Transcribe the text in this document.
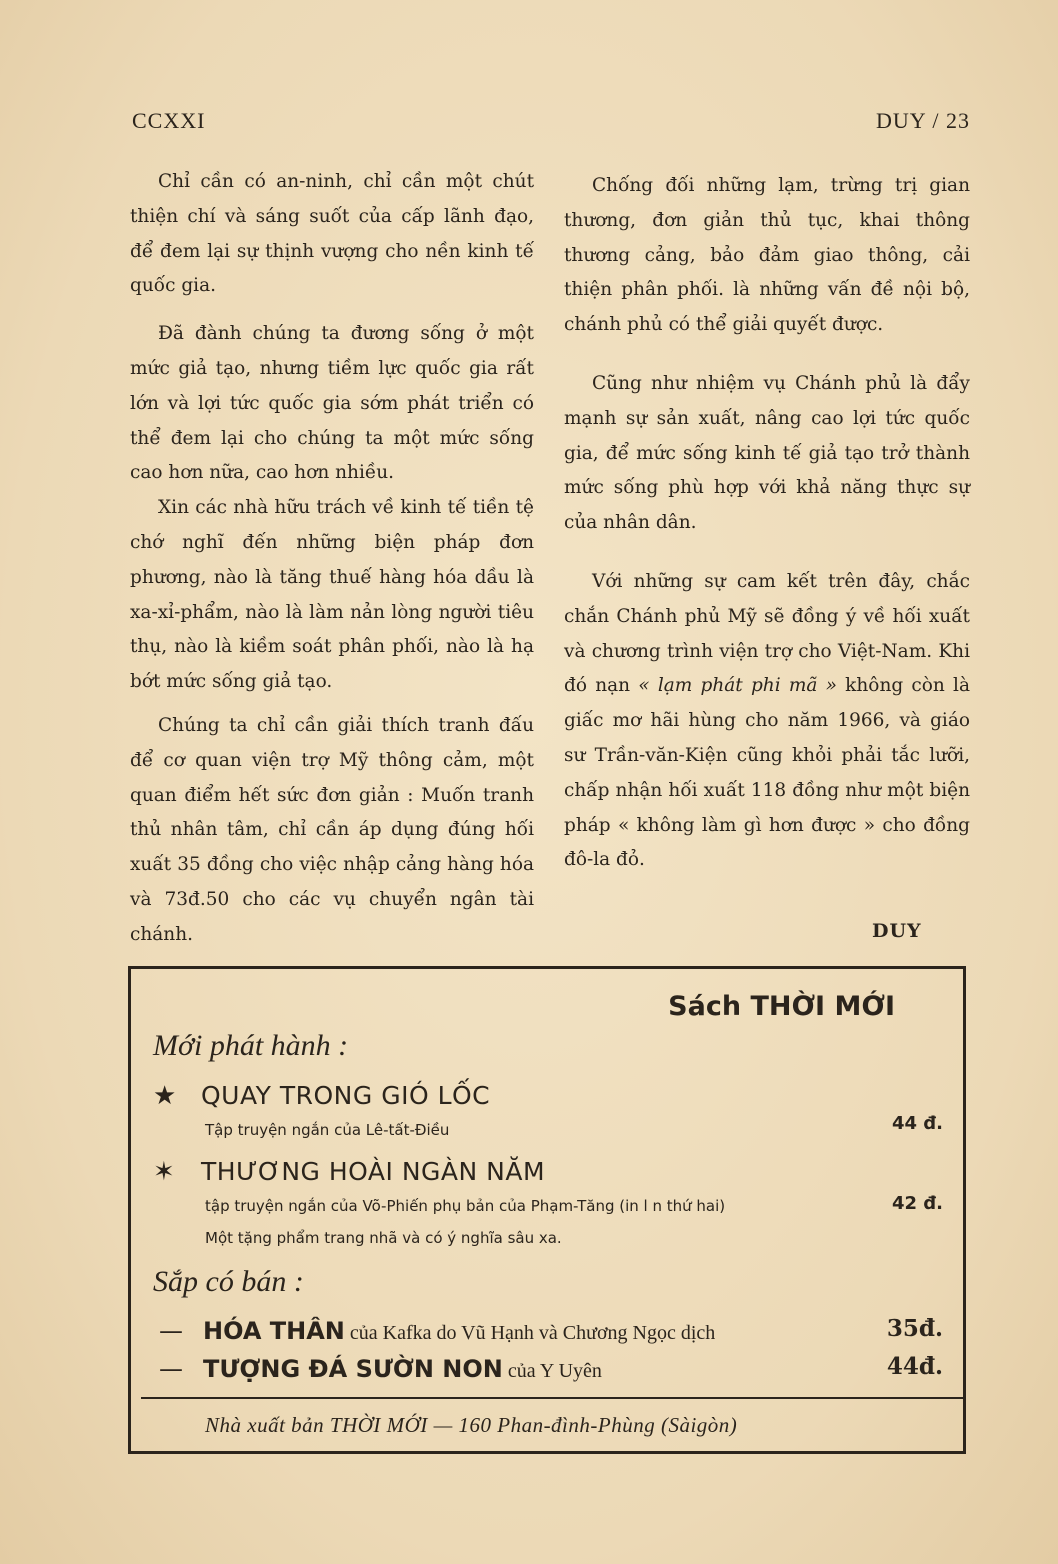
CCXXI	DUY / 23

Chỉ cần có an-ninh, chỉ cần một chút thiện chí và sáng suốt của cấp lãnh đạo, để đem lại sự thịnh vượng cho nền kinh tế quốc gia.

Đã đành chúng ta đương sống ở một mức giả tạo, nhưng tiềm lực quốc gia rất lớn và lợi tức quốc gia sớm phát triển có thể đem lại cho chúng ta một mức sống cao hơn nữa, cao hơn nhiều.

Xin các nhà hữu trách về kinh tế tiền tệ chớ nghĩ đến những biện pháp đơn phương, nào là tăng thuế hàng hóa dầu là xa-xỉ-phẩm, nào là làm nản lòng người tiêu thụ, nào là kiềm soát phân phối, nào là hạ bớt mức sống giả tạo.

Chúng ta chỉ cần giải thích tranh đấu để cơ quan viện trợ Mỹ thông cảm, một quan điểm hết sức đơn giản : Muốn tranh thủ nhân tâm, chỉ cần áp dụng đúng hối xuất 35 đồng cho việc nhập cảng hàng hóa và 73đ.50 cho các vụ chuyển ngân tài chánh.

Chống đối những lạm, trừng trị gian thương, đơn giản thủ tục, khai thông thương cảng, bảo đảm giao thông, cải thiện phân phối. là những vấn đề nội bộ, chánh phủ có thể giải quyết được.

Cũng như nhiệm vụ Chánh phủ là đẩy mạnh sự sản xuất, nâng cao lợi tức quốc gia, để mức sống kinh tế giả tạo trở thành mức sống phù hợp với khả năng thực sự của nhân dân.

Với những sự cam kết trên đây, chắc chắn Chánh phủ Mỹ sẽ đồng ý về hối xuất và chương trình viện trợ cho Việt-Nam. Khi đó nạn « lạm phát phi mã » không còn là giấc mơ hãi hùng cho năm 1966, và giáo sư Trần-văn-Kiện cũng khỏi phải tắc lưỡi, chấp nhận hối xuất 118 đồng như một biện pháp « không làm gì hơn được » cho đồng đô-la đỏ.

DUY
Sách THỜI MỚI
Mới phát hành :
★ QUAY TRONG GIÓ LỐC
Tập truyện ngắn của Lê-tất-Điều	44 đ.
✶ THƯƠNG HOÀI NGÀN NĂM
tập truyện ngắn của Võ-Phiến phụ bản của Phạm-Tăng (in l n thứ hai)
Một tặng phẩm trang nhã và có ý nghĩa sâu xa.
42 đ.
Sắp có bán :
— HÓA THÂN của Kafka do Vũ Hạnh và Chương Ngọc dịch	35đ.
— TƯỢNG ĐÁ SƯỜN NON của Y Uyên	44đ.
Nhà xuất bản THỜI MỚI — 160 Phan-đình-Phùng (Sàigòn)
